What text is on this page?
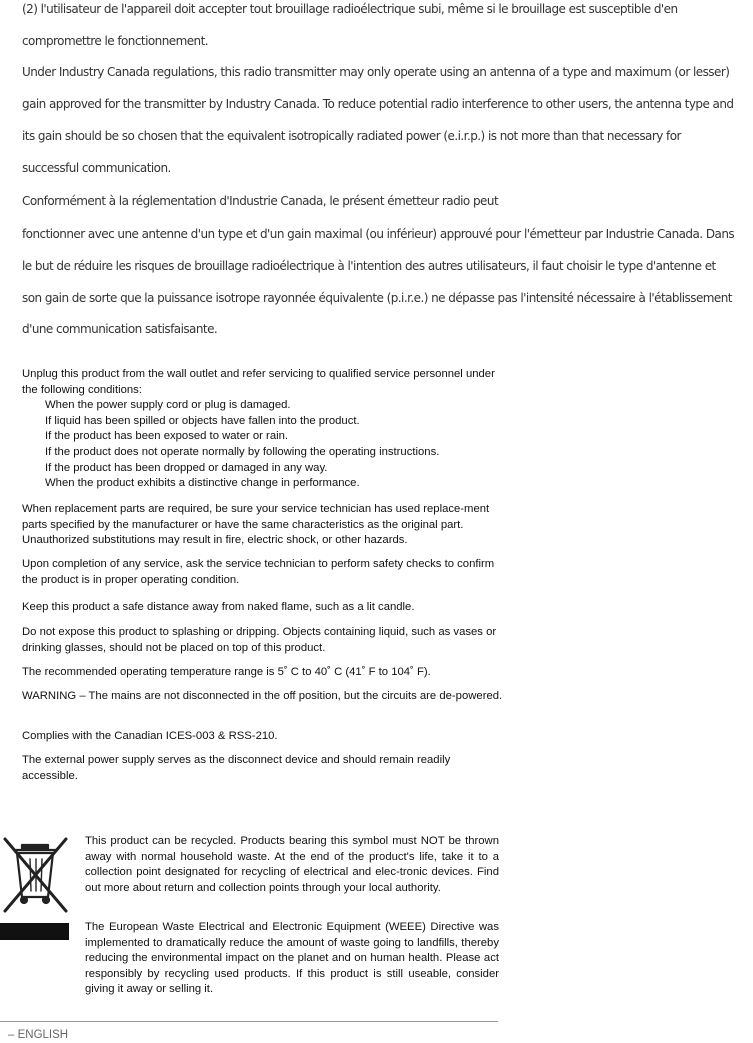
(2) l'utilisateur de l'appareil doit accepter tout brouillage radioélectrique subi, même si le brouillage est susceptible d'en
compromettre le fonctionnement.
Under Industry Canada regulations, this radio transmitter may only operate using an antenna of a type and maximum (or lesser)
gain approved for the transmitter by Industry Canada. To reduce potential radio interference to other users, the antenna type and
its gain should be so chosen that the equivalent isotropically radiated power (e.i.r.p.) is not more than that necessary for
successful communication.
Conformément à la réglementation d'Industrie Canada, le présent émetteur radio peut
fonctionner avec une antenne d'un type et d'un gain maximal (ou inférieur) approuvé pour l'émetteur par Industrie Canada. Dans
le but de réduire les risques de brouillage radioélectrique à l'intention des autres utilisateurs, il faut choisir le type d'antenne et
son gain de sorte que la puissance isotrope rayonnée équivalente (p.i.r.e.) ne dépasse pas l'intensité nécessaire à l'établissement
d'une communication satisfaisante.

Unplug this product from the wall outlet and refer servicing to qualified service personnel under the following conditions:

When the power supply cord or plug is damaged.
If liquid has been spilled or objects have fallen into the product.
If the product has been exposed to water or rain.
If the product does not operate normally by following the operating instructions.
If the product has been dropped or damaged in any way.
When the product exhibits a distinctive change in performance.

When replacement parts are required, be sure your service technician has used replace-ment parts specified by the manufacturer or have the same characteristics as the original part. Unauthorized substitutions may result in fire, electric shock, or other hazards.

Upon completion of any service, ask the service technician to perform safety checks to confirm the product is in proper operating condition.

Keep this product a safe distance away from naked flame, such as a lit candle.

Do not expose this product to splashing or dripping. Objects containing liquid, such as vases or drinking glasses, should not be placed on top of this product.

The recommended operating temperature range is 5˚ C to 40˚ C (41˚ F to 104˚ F).

WARNING – The mains are not disconnected in the off position, but the circuits are de-powered.

Complies with the Canadian ICES-003 & RSS-210.

The external power supply serves as the disconnect device and should remain readily accessible.

This product can be recycled. Products bearing this symbol must NOT be thrown away with normal household waste. At the end of the product's life, take it to a collection point designated for recycling of electrical and elec-tronic devices. Find out more about return and collection points through your local authority.

The European Waste Electrical and Electronic Equipment (WEEE) Directive was implemented to dramatically reduce the amount of waste going to landfills, thereby reducing the environmental impact on the planet and on human health. Please act responsibly by recycling used products. If this product is still useable, consider giving it away or selling it.

– ENGLISH
